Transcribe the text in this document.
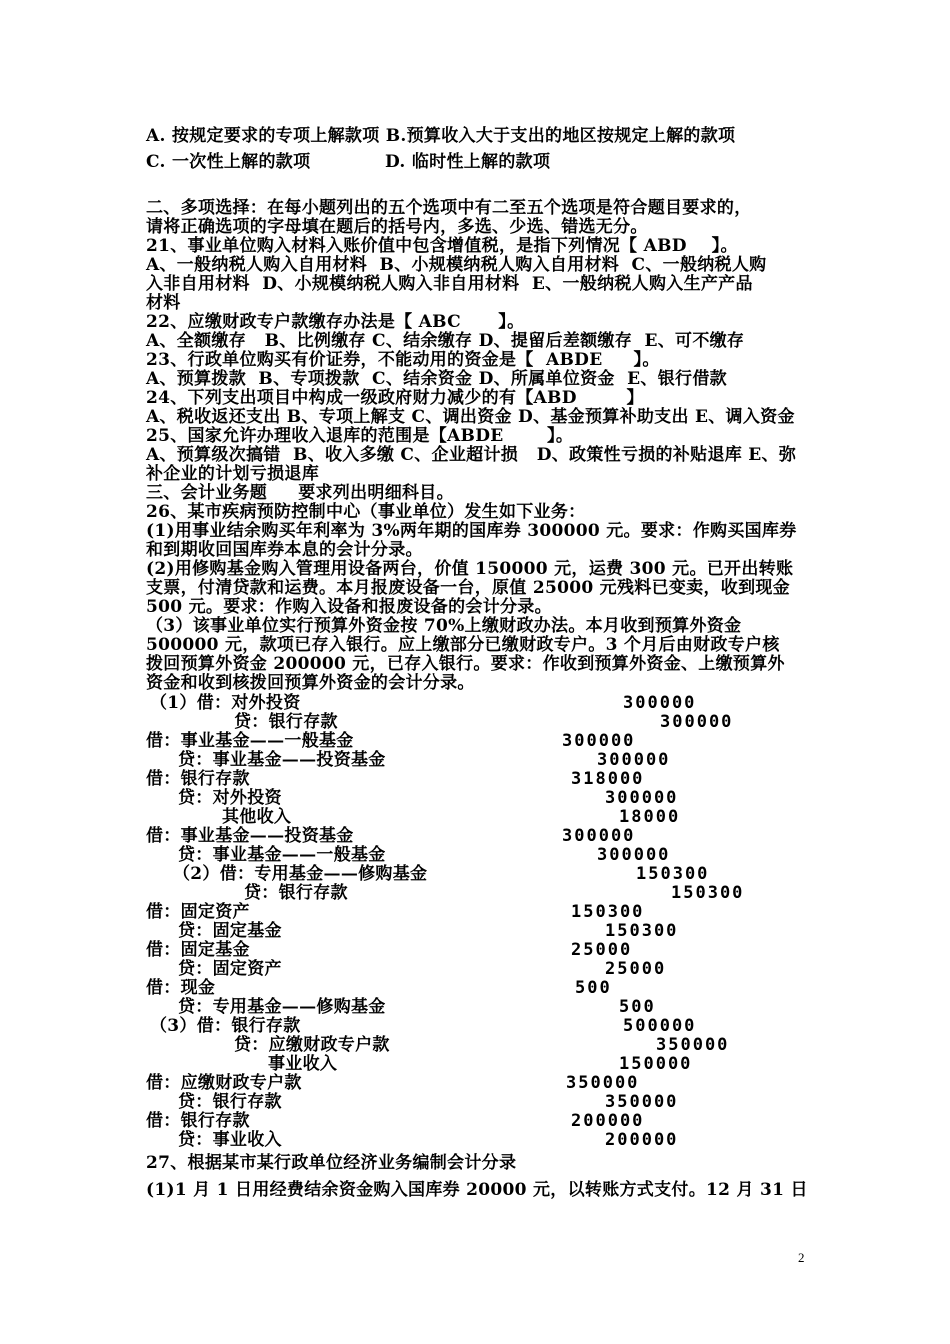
A. 按规定要求的专项上解款项 B.预算收入大于支出的地区按规定上解的款项
C. 一次性上解的款项            D. 临时性上解的款项
二、多项选择：在每小题列出的五个选项中有二至五个选项是符合题目要求的，
请将正确选项的字母填在题后的括号内，多选、少选、错选无分。
21、事业单位购入材料入账价值中包含增值税，是指下列情况【 ABD    】。
A、一般纳税人购入自用材料  B、小规模纳税人购入自用材料  C、一般纳税人购
入非自用材料  D、小规模纳税人购入非自用材料  E、一般纳税人购入生产产品
材料
22、应缴财政专户款缴存办法是【 ABC      】。
A、全额缴存   B、比例缴存 C、结余缴存 D、提留后差额缴存  E、可不缴存
23、行政单位购买有价证券，不能动用的资金是【  ABDE     】。
A、预算拨款  B、专项拨款  C、结余资金 D、所属单位资金  E、银行借款
24、下列支出项目中构成一级政府财力减少的有【ABD        】
A、税收返还支出 B、专项上解支 C、调出资金 D、基金预算补助支出 E、调入资金
25、国家允许办理收入退库的范围是【ABDE       】。
A、预算级次搞错  B、收入多缴 C、企业超计损   D、政策性亏损的补贴退库 E、弥
补企业的计划亏损退库
三、会计业务题     要求列出明细科目。
26、某市疾病预防控制中心（事业单位）发生如下业务：
(1)用事业结余购买年利率为 3%两年期的国库券 300000 元。要求：作购买国库券
和到期收回国库券本息的会计分录。
(2)用修购基金购入管理用设备两台，价值 150000 元，运费 300 元。已开出转账
支票，付清贷款和运费。本月报废设备一台，原值 25000 元残料已变卖，收到现金
500 元。要求：作购入设备和报废设备的会计分录。
（3）该事业单位实行预算外资金按 70%上缴财政办法。本月收到预算外资金
500000 元，款项已存入银行。应上缴部分已缴财政专户。3 个月后由财政专户核
拨回预算外资金 200000 元，已存入银行。要求：作收到预算外资金、上缴预算外
资金和收到核拨回预算外资金的会计分录。
（1）借：对外投资	300000
贷：银行存款	300000
借：事业基金——一般基金	300000
贷：事业基金——投资基金	300000
借：银行存款	318000
贷：对外投资	300000
其他收入	18000
借：事业基金——投资基金	300000
贷：事业基金——一般基金	300000
（2）借：专用基金——修购基金	150300
贷：银行存款	150300
借：固定资产	150300
贷：固定基金	150300
借：固定基金	25000
贷：固定资产	25000
借：现金	500
贷：专用基金——修购基金	500
（3）借：银行存款	500000
贷：应缴财政专户款	350000
事业收入	150000
借：应缴财政专户款	350000
贷：银行存款	350000
借：银行存款	200000
贷：事业收入	200000
27、根据某市某行政单位经济业务编制会计分录
(1)1 月 1 日用经费结余资金购入国库券 20000 元，以转账方式支付。12 月 31 日
2
